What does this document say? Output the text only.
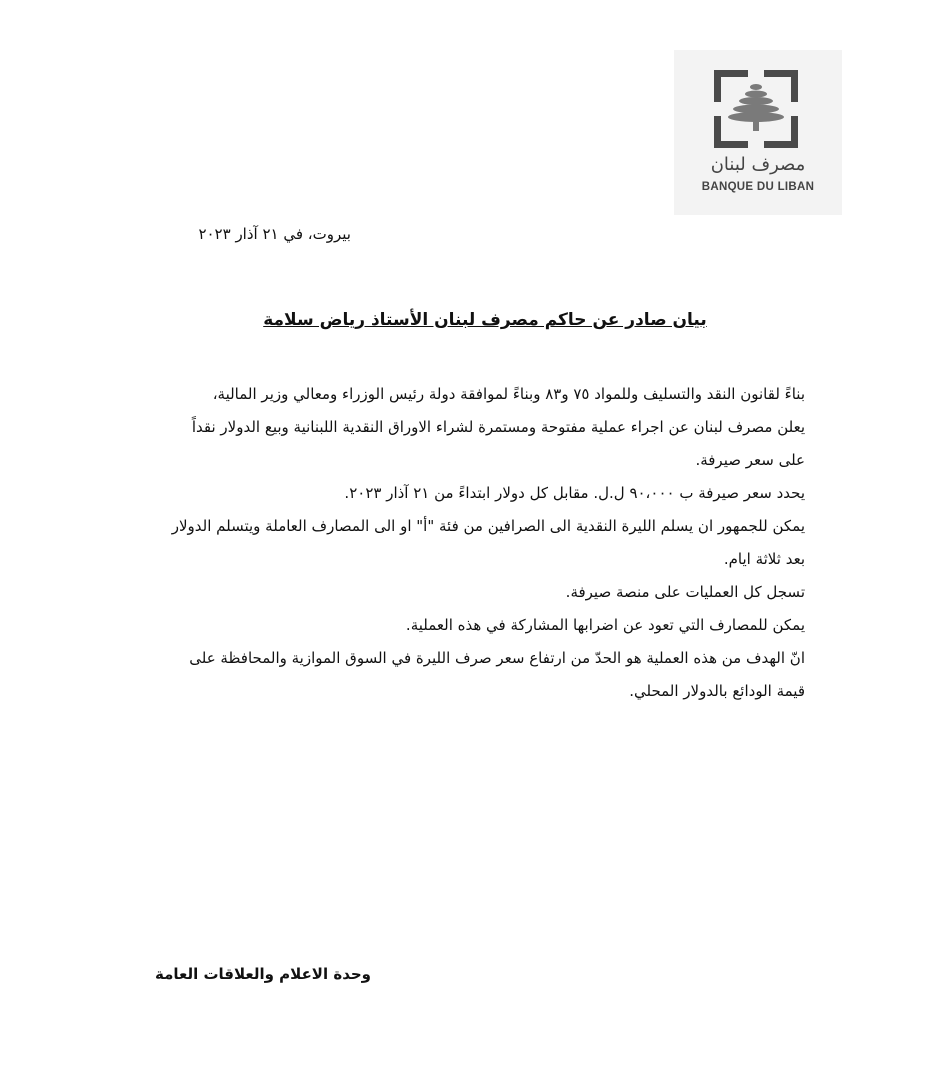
مصرف لبنان
BANQUE DU LIBAN
بيروت، في ٢١ آذار ٢٠٢٣
بيان صادر عن حاكم مصرف لبنان الأستاذ رياض سلامة

بناءً لقانون النقد والتسليف وللمواد ٧٥ و٨٣ وبناءً لموافقة دولة رئيس الوزراء ومعالي وزير المالية،

يعلن مصرف لبنان عن اجراء عملية مفتوحة ومستمرة لشراء الاوراق النقدية اللبنانية وبيع الدولار نقداً على سعر صيرفة.

يحدد سعر صيرفة ب ٩٠،٠٠٠ ل.ل. مقابل كل دولار ابتداءً من ٢١ آذار ٢٠٢٣.

يمكن للجمهور ان يسلم الليرة النقدية الى الصرافين من فئة "أ" او الى المصارف العاملة ويتسلم الدولار بعد ثلاثة ايام.

تسجل كل العمليات على منصة صيرفة.

يمكن للمصارف التي تعود عن اضرابها المشاركة في هذه العملية.

انّ الهدف من هذه العملية هو الحدّ من ارتفاع سعر صرف الليرة في السوق الموازية والمحافظة على قيمة الودائع بالدولار المحلي.

وحدة الاعلام والعلاقات العامة
